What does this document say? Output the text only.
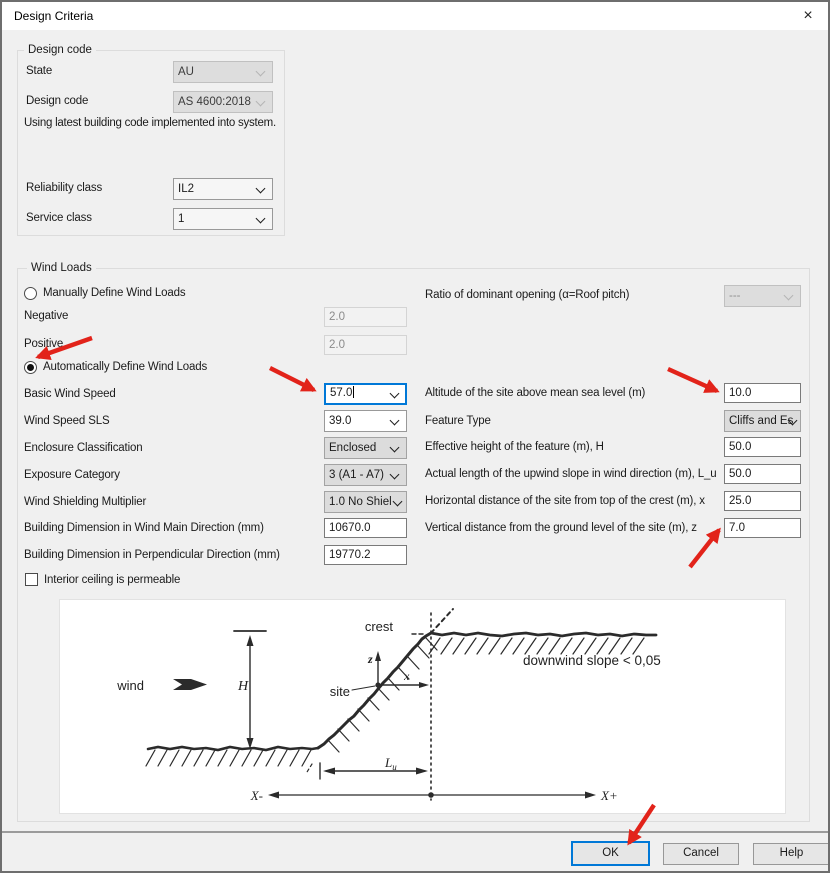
Design Criteria	×
Design code
State	AU
Design code	AS 4600:2018
Using latest building code implemented into system.
Reliability class	IL2
Service class	1
Wind Loads
Manually Define Wind Loads
Negative	2.0
Positive	2.0
Automatically Define Wind Loads
Basic Wind Speed	57.0
Wind Speed SLS	39.0
Enclosure Classification	Enclosed
Exposure Category	3 (A1 - A7)
Wind Shielding Multiplier	1.0 No Shiel
Building Dimension in Wind Main Direction (mm)	10670.0
Building Dimension in Perpendicular Direction (mm)	19770.2
Interior ceiling is permeable
Ratio of dominant opening (α=Roof pitch)	---
Altitude of the site above mean sea level (m)	10.0
Feature Type	Cliffs and Es
Effective height of the feature (m), H	50.0
Actual length of the upwind slope in wind direction (m), L_u	50.0
Horizontal distance of the site from top of the crest (m), x	25.0
Vertical distance from the ground level of the site (m), z	7.0
wind	H
z
x
site
crest
downwind slope < 0,05
$L_u$
X-	X+
OK	Cancel	Help
